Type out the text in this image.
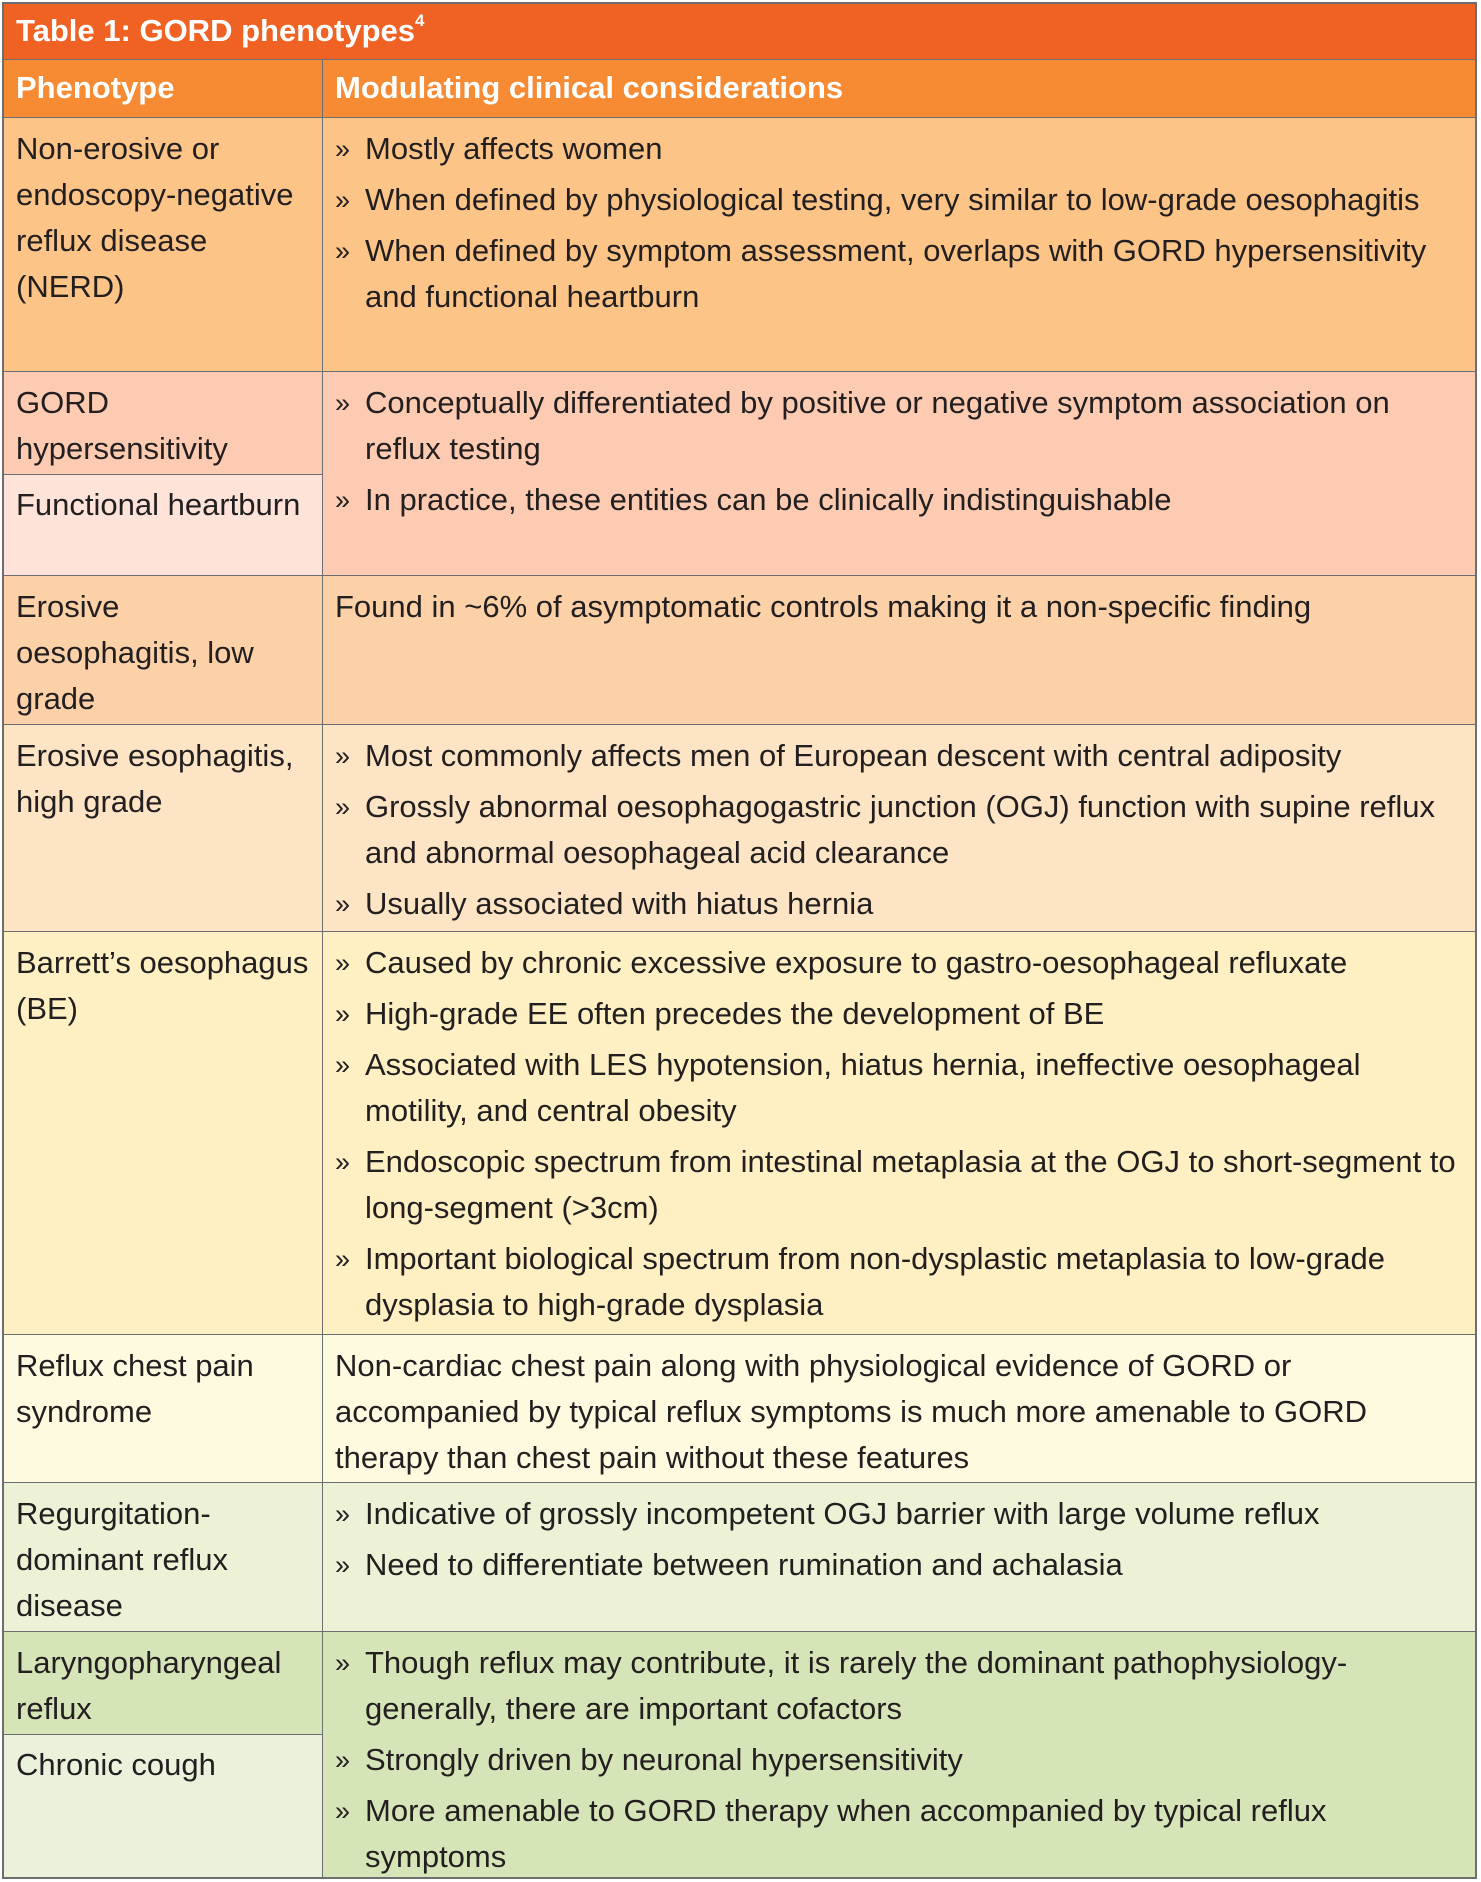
Table 1: GORD phenotypes$^4$
Phenotype	Modulating clinical considerations
Non-erosive or endoscopy-negative reflux disease (NERD)
» Mostly affects women
» When defined by physiological testing, very similar to low-grade oesophagitis
» When defined by symptom assessment, overlaps with GORD hypersensitivity and functional heartburn
GORD hypersensitivity
Functional heartburn
» Conceptually differentiated by positive or negative symptom association on reflux testing
» In practice, these entities can be clinically indistinguishable
Erosive oesophagitis, low grade
Found in ~6% of asymptomatic controls making it a non-specific finding
Erosive esophagitis, high grade
» Most commonly affects men of European descent with central adiposity
» Grossly abnormal oesophagogastric junction (OGJ) function with supine reflux and abnormal oesophageal acid clearance
» Usually associated with hiatus hernia
Barrett’s oesophagus (BE)
» Caused by chronic excessive exposure to gastro-oesophageal refluxate
» High-grade EE often precedes the development of BE
» Associated with LES hypotension, hiatus hernia, ineffective oesophageal motility, and central obesity
» Endoscopic spectrum from intestinal metaplasia at the OGJ to short-segment to long-segment (>3cm)
» Important biological spectrum from non-dysplastic metaplasia to low-grade dysplasia to high-grade dysplasia
Reflux chest pain syndrome
Non-cardiac chest pain along with physiological evidence of GORD or accompanied by typical reflux symptoms is much more amenable to GORD therapy than chest pain without these features
Regurgitation-dominant reflux disease
» Indicative of grossly incompetent OGJ barrier with large volume reflux
» Need to differentiate between rumination and achalasia
Laryngopharyngeal reflux
Chronic cough
» Though reflux may contribute, it is rarely the dominant pathophysiology- generally, there are important cofactors
» Strongly driven by neuronal hypersensitivity
» More amenable to GORD therapy when accompanied by typical reflux symptoms
